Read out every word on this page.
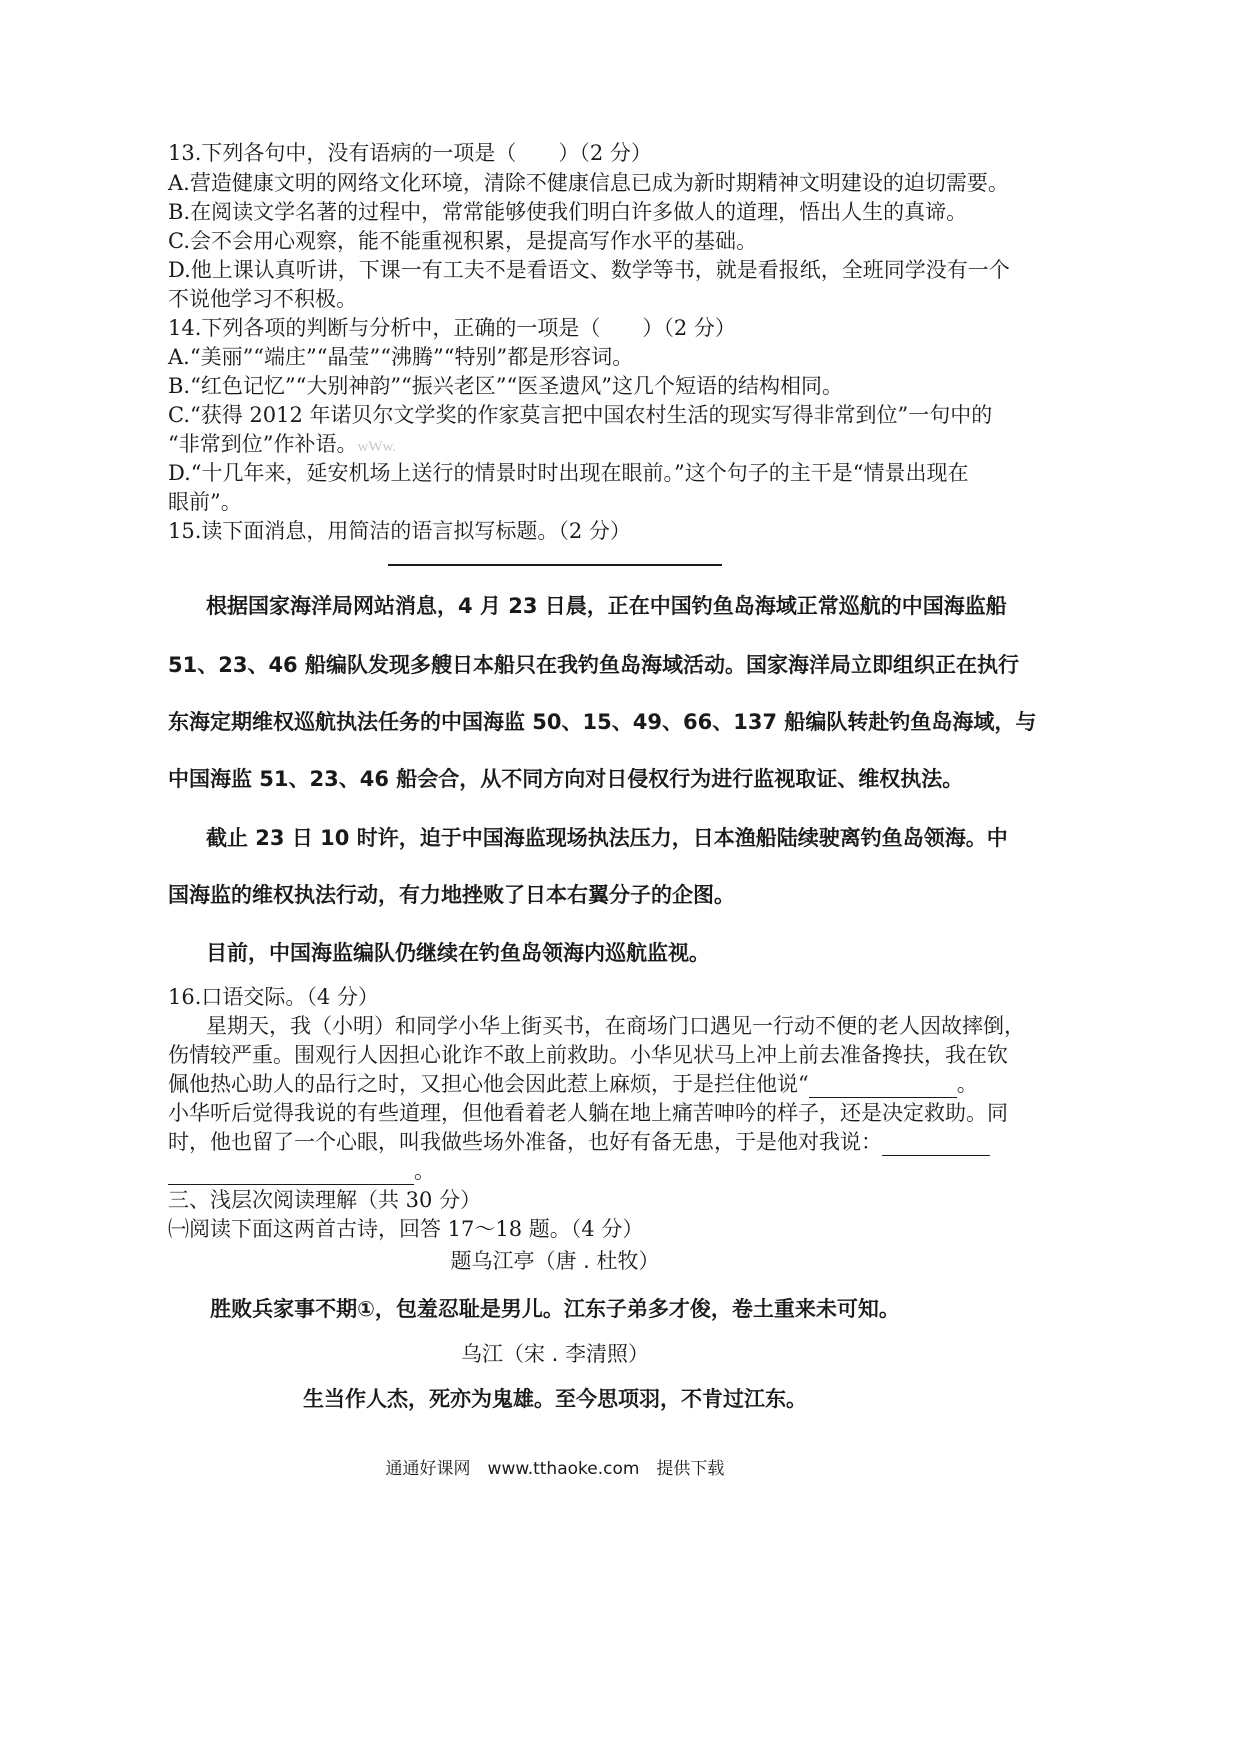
13.下列各句中，没有语病的一项是（　　）（2 分）
A.营造健康文明的网络文化环境，清除不健康信息已成为新时期精神文明建设的迫切需要。
B.在阅读文学名著的过程中，常常能够使我们明白许多做人的道理，悟出人生的真谛。
C.会不会用心观察，能不能重视积累，是提高写作水平的基础。
D.他上课认真听讲，下课一有工夫不是看语文、数学等书，就是看报纸，全班同学没有一个
不说他学习不积极。
14.下列各项的判断与分析中，正确的一项是（　　）（2 分）
A.“美丽”“端庄”“晶莹”“沸腾”“特别”都是形容词。
B.“红色记忆”“大别神韵”“振兴老区”“医圣遗风”这几个短语的结构相同。
C.“获得 2012 年诺贝尔文学奖的作家莫言把中国农村生活的现实写得非常到位”一句中的
“非常到位”作补语。wWw.
D.“十几年来，延安机场上送行的情景时时出现在眼前。”这个句子的主干是“情景出现在
眼前”。
15.读下面消息，用简洁的语言拟写标题。（2 分）
根据国家海洋局网站消息，4 月 23 日晨，正在中国钓鱼岛海域正常巡航的中国海监船
51、23、46 船编队发现多艘日本船只在我钓鱼岛海域活动。国家海洋局立即组织正在执行
东海定期维权巡航执法任务的中国海监 50、15、49、66、137 船编队转赴钓鱼岛海域，与
中国海监 51、23、46 船会合，从不同方向对日侵权行为进行监视取证、维权执法。
截止 23 日 10 时许，迫于中国海监现场执法压力，日本渔船陆续驶离钓鱼岛领海。中
国海监的维权执法行动，有力地挫败了日本右翼分子的企图。
目前，中国海监编队仍继续在钓鱼岛领海内巡航监视。
16.口语交际。（4 分）
星期天，我（小明）和同学小华上街买书，在商场门口遇见一行动不便的老人因故摔倒，
伤情较严重。围观行人因担心讹诈不敢上前救助。小华见状马上冲上前去准备搀扶，我在钦
佩他热心助人的品行之时，又担心他会因此惹上麻烦，于是拦住他说“	。
小华听后觉得我说的有些道理，但他看着老人躺在地上痛苦呻吟的样子，还是决定救助。同
时，他也留了一个心眼，叫我做些场外准备，也好有备无患，于是他对我说：
。
三、浅层次阅读理解（共 30 分）
㈠阅读下面这两首古诗，回答 17～18 题。（4 分）
题乌江亭（唐 . 杜牧）
胜败兵家事不期①，包羞忍耻是男儿。江东子弟多才俊，卷土重来未可知。
乌江（宋 . 李清照）
生当作人杰，死亦为鬼雄。至今思项羽，不肯过江东。
通通好课网　www.tthaoke.com　提供下载
